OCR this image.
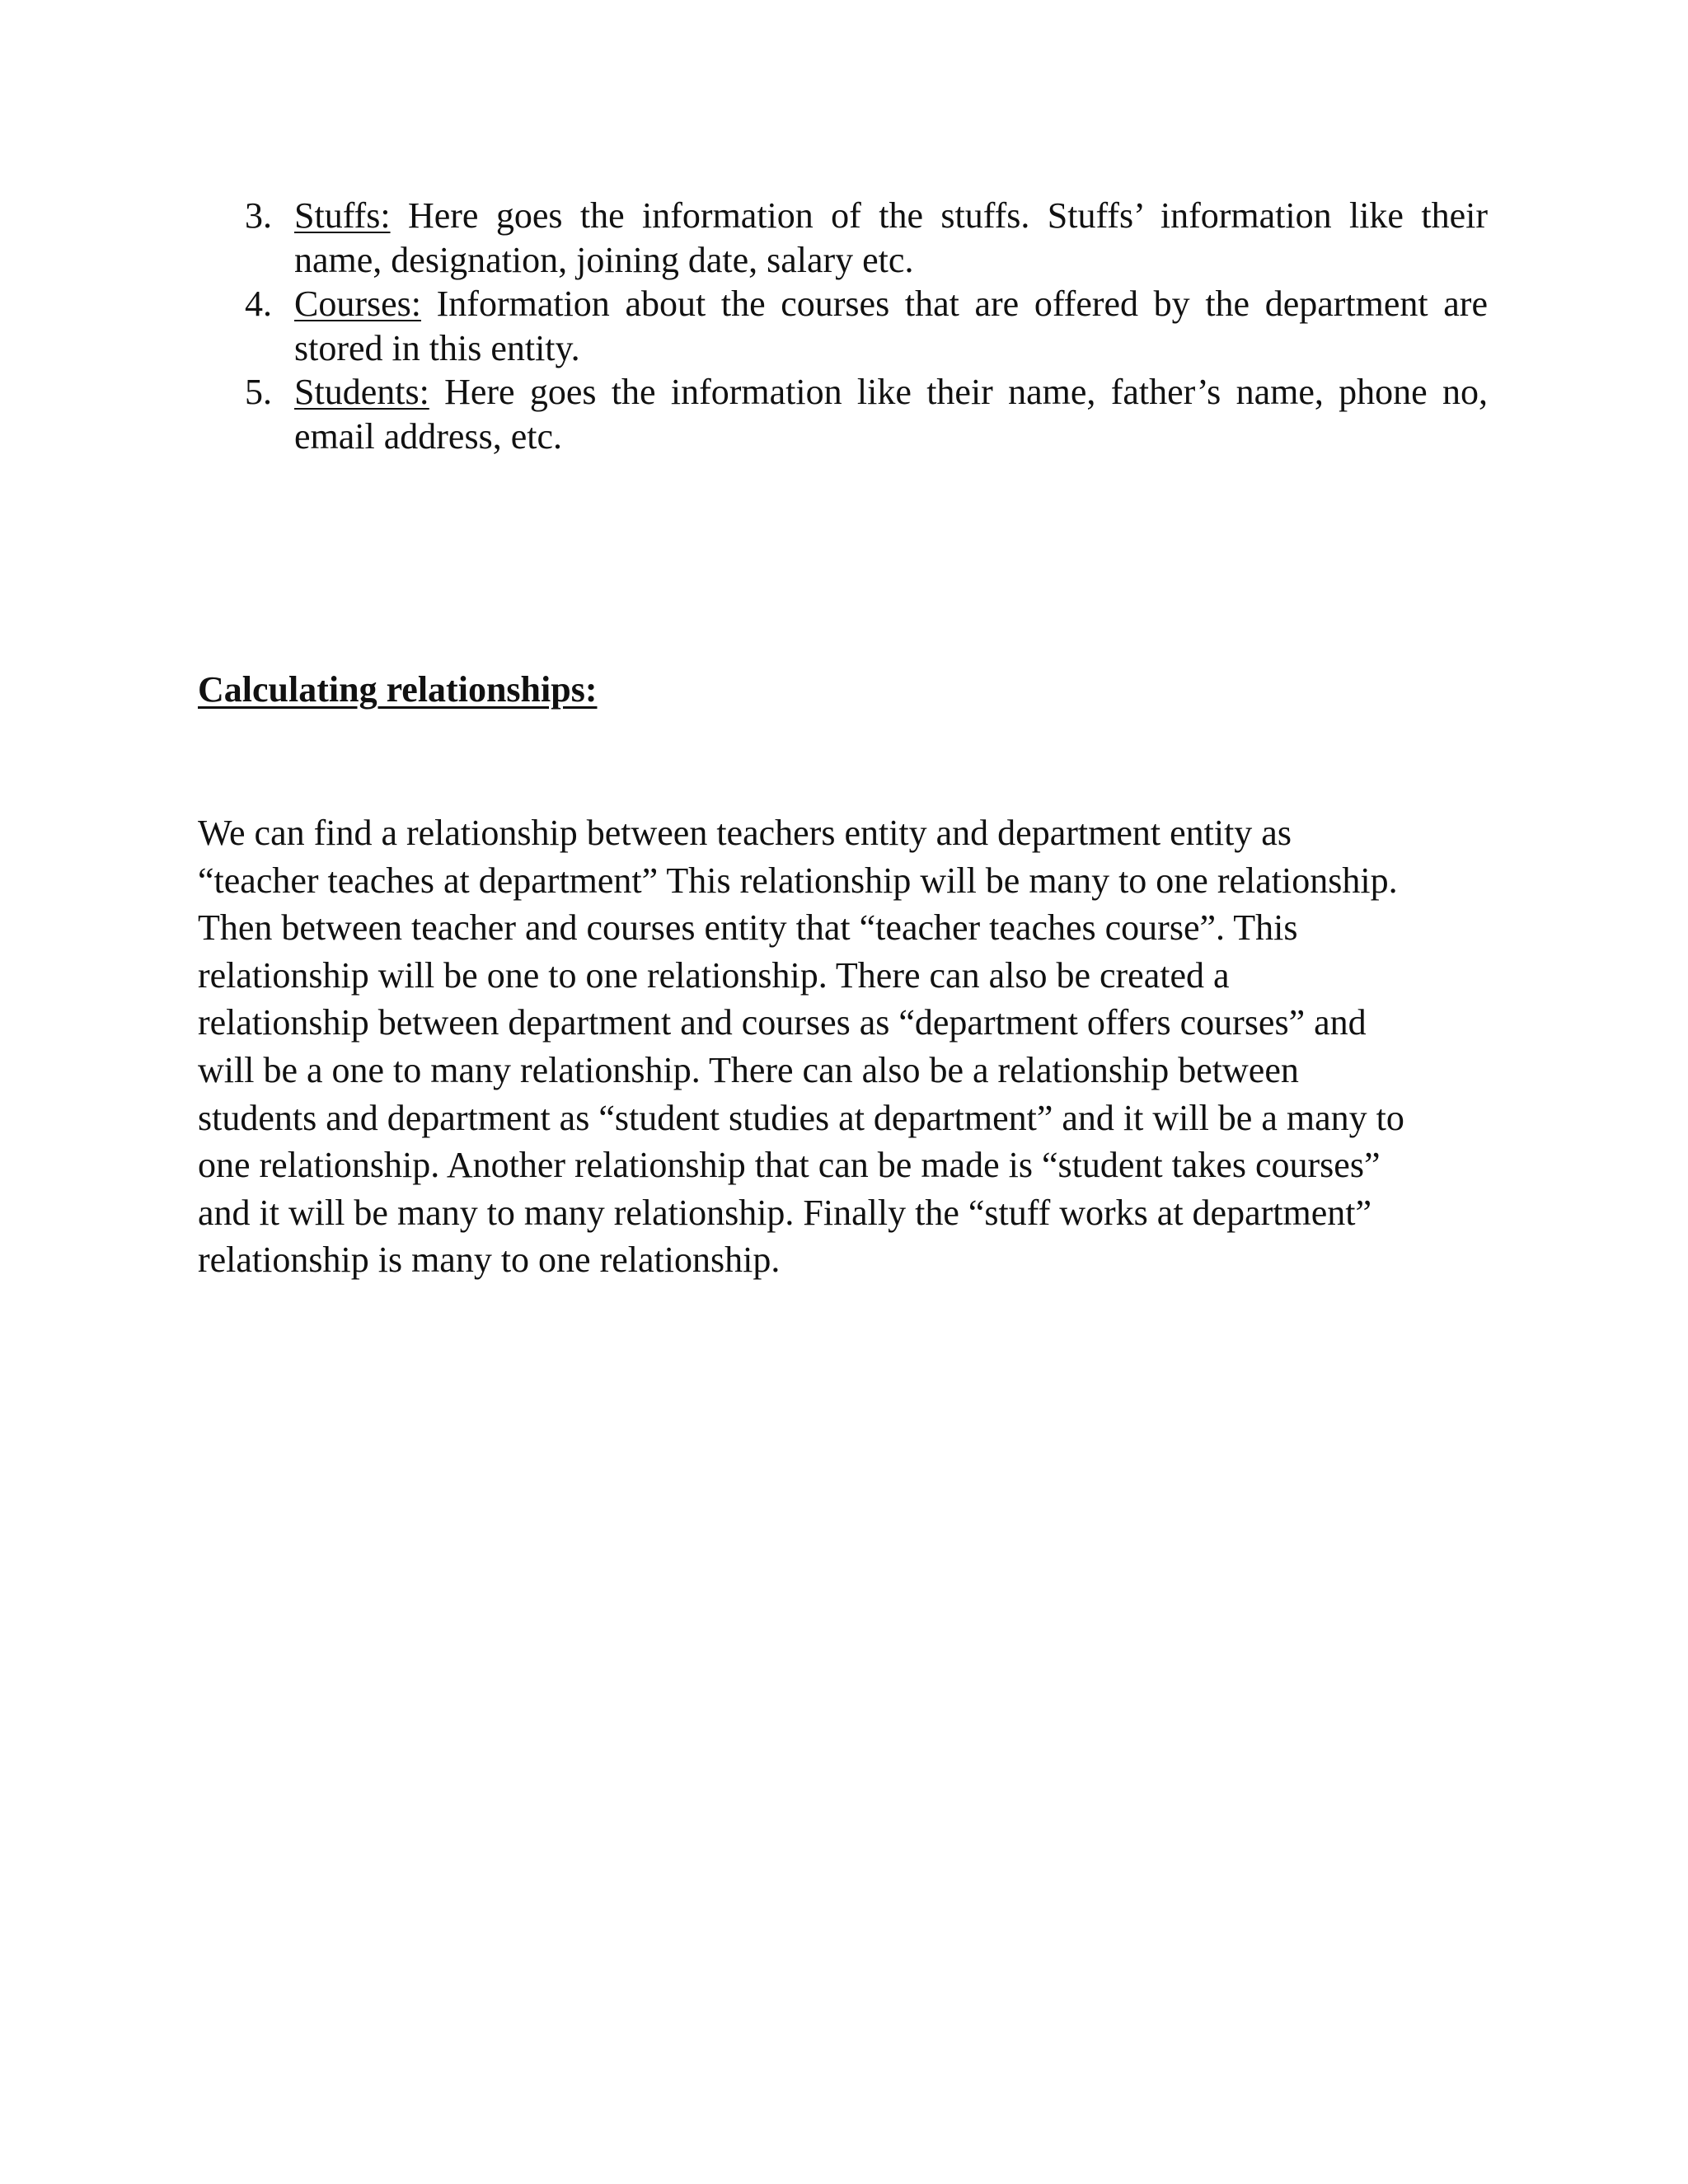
3. Stuffs: Here goes the information of the stuffs. Stuffs’ information like their name, designation, joining date, salary etc.
4. Courses: Information about the courses that are offered by the department are stored in this entity.
5. Students: Here goes the information like their name, father’s name, phone no, email address, etc.
Calculating relationships:

We can find a relationship between teachers entity and department entity as
“teacher teaches at department” This relationship will be many to one relationship.
Then between teacher and courses entity that “teacher teaches course”. This
relationship will be one to one relationship. There can also be created a
relationship between department and courses as “department offers courses” and
will be a one to many relationship. There can also be a relationship between
students and department as “student studies at department” and it will be a many to
one relationship. Another relationship that can be made is “student takes courses”
and it will be many to many relationship. Finally the “stuff works at department”
relationship is many to one relationship.
